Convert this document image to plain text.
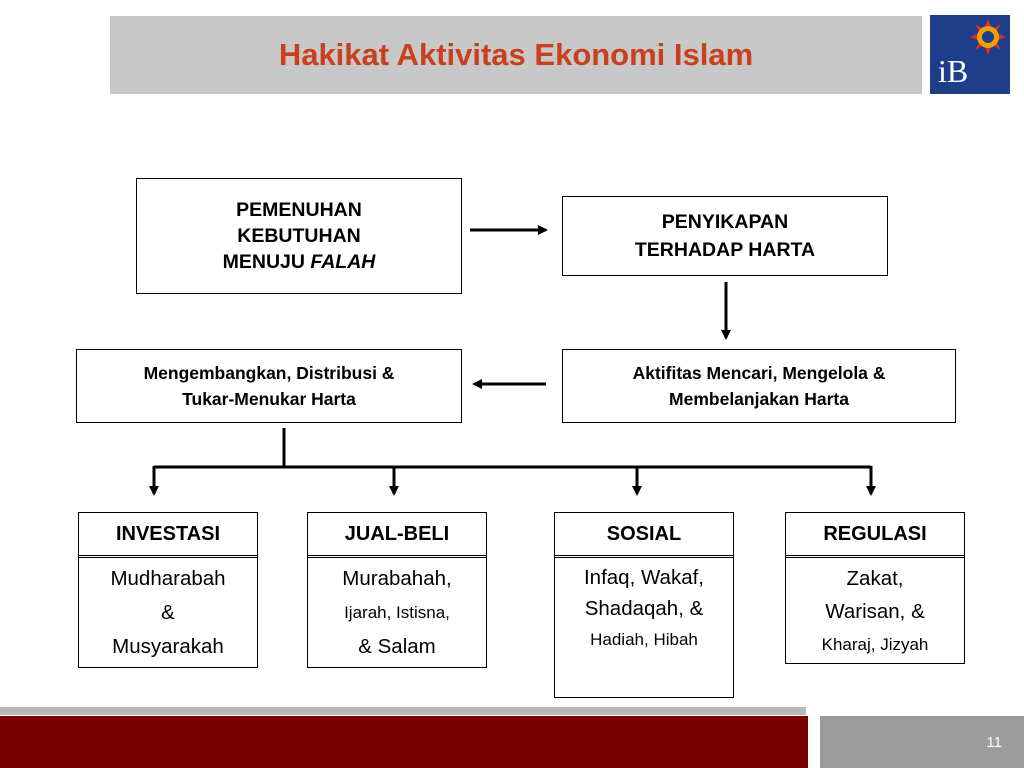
Hakikat Aktivitas Ekonomi Islam	iB
PEMENUHAN
KEBUTUHAN
MENUJU FALAH
PENYIKAPAN
TERHADAP HARTA
Mengembangkan, Distribusi &
Tukar-Menukar Harta
Aktifitas Mencari, Mengelola &
Membelanjakan Harta
INVESTASI
Mudharabah
&
Musyarakah
JUAL-BELI
Murabahah,
Ijarah, Istisna,
& Salam
SOSIAL
Infaq, Wakaf,
Shadaqah, &
Hadiah, Hibah
REGULASI
Zakat,
Warisan, &
Kharaj, Jizyah
11
